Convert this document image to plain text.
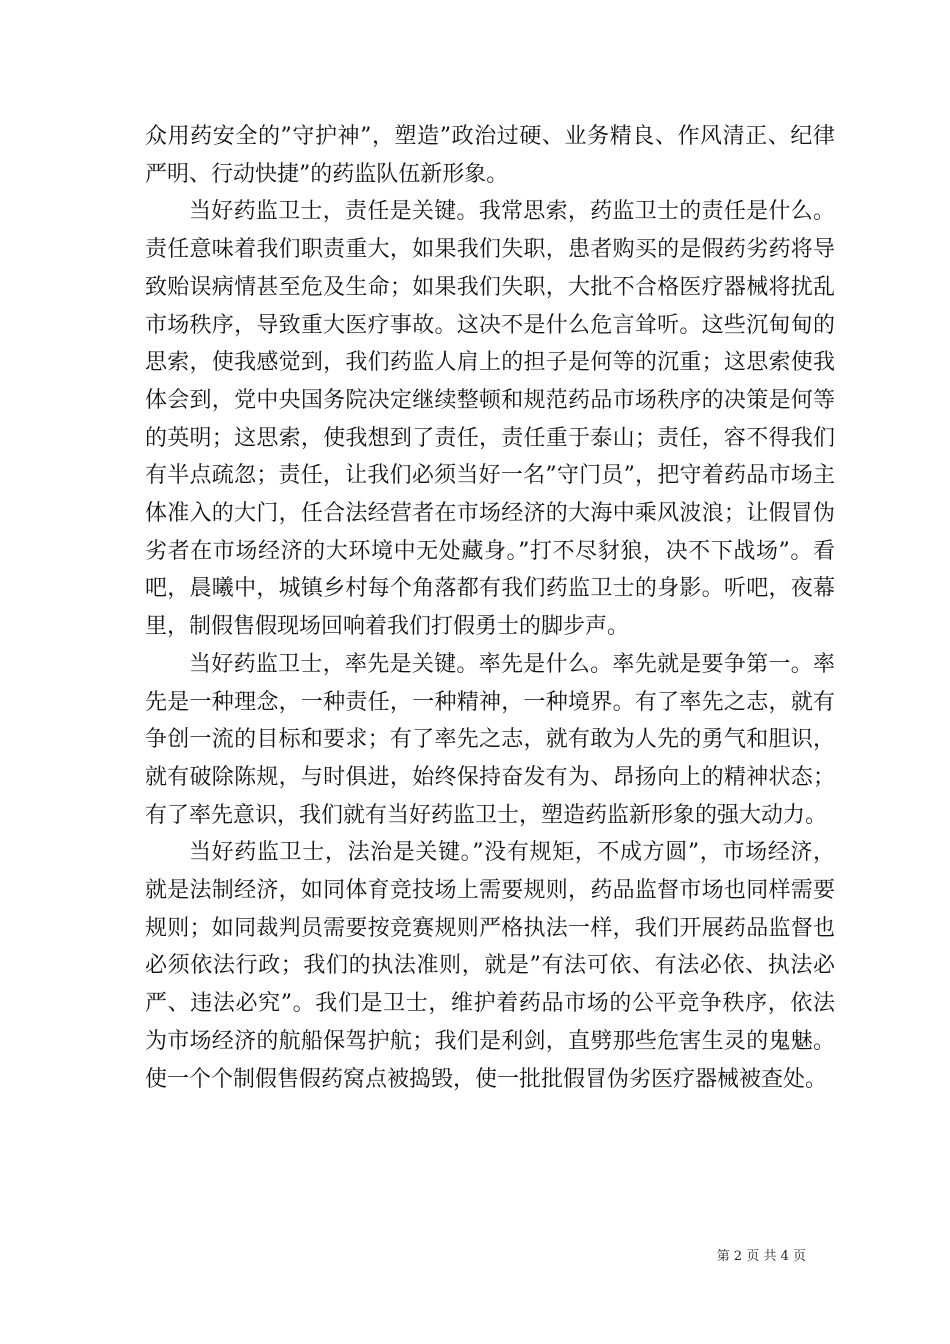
众用药安全的”守护神”，塑造”政治过硬、业务精良、作风清正、纪律严明、行动快捷”的药监队伍新形象。

当好药监卫士，责任是关键。我常思索，药监卫士的责任是什么。责任意味着我们职责重大，如果我们失职，患者购买的是假药劣药将导致贻误病情甚至危及生命；如果我们失职，大批不合格医疗器械将扰乱市场秩序，导致重大医疗事故。这决不是什么危言耸听。这些沉甸甸的思索，使我感觉到，我们药监人肩上的担子是何等的沉重；这思索使我体会到，党中央国务院决定继续整顿和规范药品市场秩序的决策是何等的英明；这思索，使我想到了责任，责任重于泰山；责任，容不得我们有半点疏忽；责任，让我们必须当好一名”守门员”，把守着药品市场主体准入的大门，任合法经营者在市场经济的大海中乘风波浪；让假冒伪劣者在市场经济的大环境中无处藏身。”打不尽豺狼，决不下战场”。看吧，晨曦中，城镇乡村每个角落都有我们药监卫士的身影。听吧，夜幕里，制假售假现场回响着我们打假勇士的脚步声。

当好药监卫士，率先是关键。率先是什么。率先就是要争第一。率先是一种理念，一种责任，一种精神，一种境界。有了率先之志，就有争创一流的目标和要求；有了率先之志，就有敢为人先的勇气和胆识，就有破除陈规，与时俱进，始终保持奋发有为、昂扬向上的精神状态；有了率先意识，我们就有当好药监卫士，塑造药监新形象的强大动力。

当好药监卫士，法治是关键。”没有规矩，不成方圆”，市场经济，就是法制经济，如同体育竞技场上需要规则，药品监督市场也同样需要规则；如同裁判员需要按竞赛规则严格执法一样，我们开展药品监督也必须依法行政；我们的执法准则，就是”有法可依、有法必依、执法必严、违法必究”。我们是卫士，维护着药品市场的公平竞争秩序，依法为市场经济的航船保驾护航；我们是利剑，直劈那些危害生灵的鬼魅。使一个个制假售假药窝点被捣毁，使一批批假冒伪劣医疗器械被查处。

第 2 页 共 4 页
